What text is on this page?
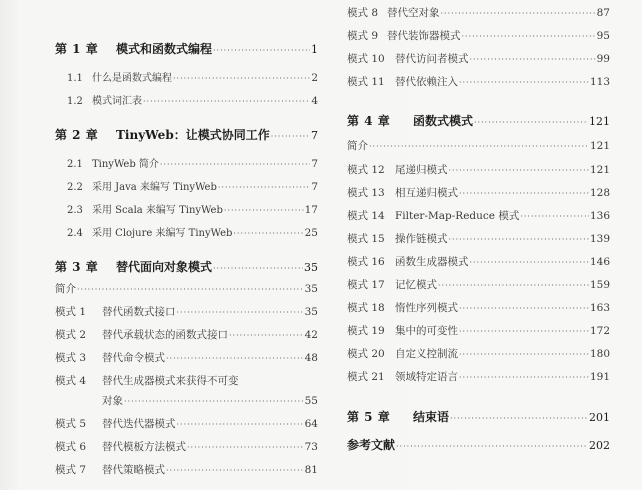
第 1 章	模式和函数式编程 ·····	1
1.1 什么是函数式编程 ·····	2
1.2 模式词汇表 ·····	4
第 2 章	TinyWeb：让模式协同工作 ·····	7
2.1 TinyWeb 简介 ·····	7
2.2 采用 Java 来编写 TinyWeb ·····	7
2.3 采用 Scala 来编写 TinyWeb ·····	17
2.4 采用 Clojure 来编写 TinyWeb ·····	25
第 3 章	替代面向对象模式 ·····	35
简介 ·····	35
模式 1	替代函数式接口 ·····	35
模式 2	替代承载状态的函数式接口 ·····	42
模式 3	替代命令模式 ·····	48
模式 4	替代生成器模式来获得不可变
对象 ·····	55
模式 5	替代迭代器模式 ·····	64
模式 6	替代模板方法模式 ·····	73
模式 7	替代策略模式 ·····	81
模式 8 替代空对象 ·····	87
模式 9 替代装饰器模式 ·····	95
模式 10 替代访问者模式 ·····	99
模式 11 替代依赖注入 ·····	113
第 4 章	函数式模式 ·····	121
简介 ·····	121
模式 12 尾递归模式 ·····	121
模式 13 相互递归模式 ·····	128
模式 14 Filter-Map-Reduce 模式 ·····	136
模式 15 操作链模式 ·····	139
模式 16 函数生成器模式 ·····	146
模式 17 记忆模式 ·····	159
模式 18 惰性序列模式 ·····	163
模式 19 集中的可变性 ·····	172
模式 20 自定义控制流 ·····	180
模式 21 领域特定语言 ·····	191
第 5 章	结束语 ·····	201
参考文献 ·····	202
